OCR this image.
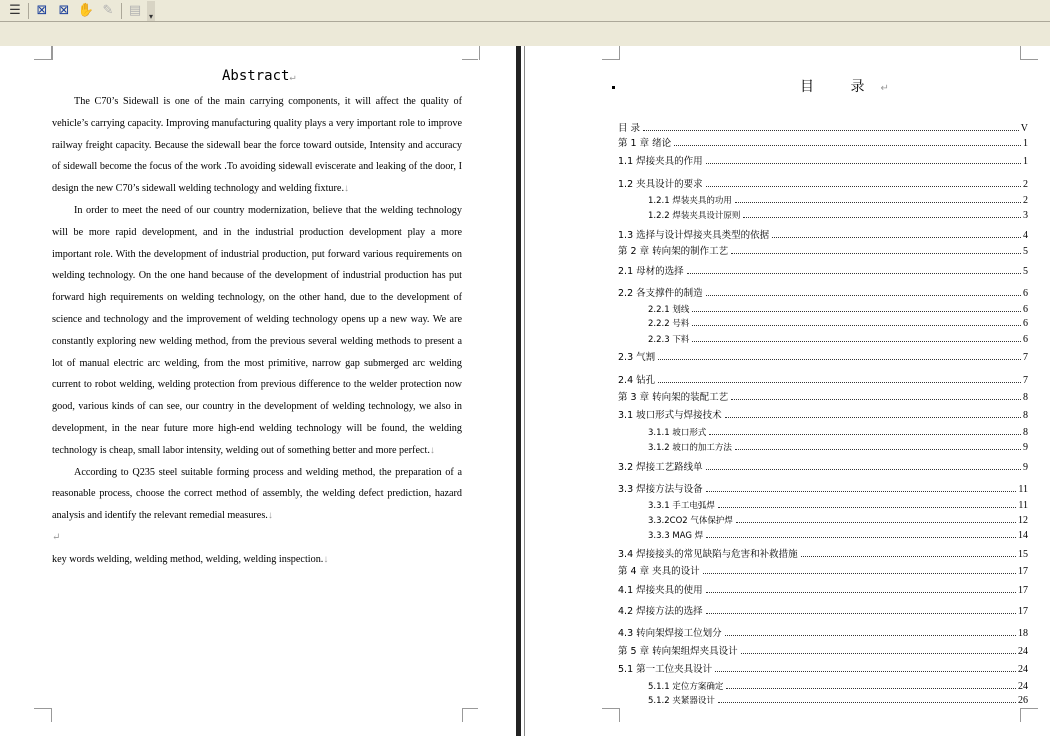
☰ ⊠ ⊠ ✋ ✎ ▤ ▾
Abstract↵

The C70’s Sidewall is one of the main carrying components, it will affect the quality of vehicle’s carrying capacity. Improving manufacturing quality plays a very important role to improve railway freight capacity. Because the sidewall bear the force toward outside, Intensity and accuracy of sidewall become the focus of the work .To avoiding sidewall eviscerate and leaking of the door, I design the new C70’s sidewall welding technology and welding fixture.↓

In order to meet the need of our country modernization, believe that the welding technology will be more rapid development, and in the industrial production development play a more important role. With the development of industrial production, put forward various requirements on welding technology. On the one hand because of the development of industrial production has put forward high requirements on welding technology, on the other hand, due to the development of science and technology and the improvement of welding technology opens up a new way. We are constantly exploring new welding method, from the previous several welding methods to present a lot of manual electric arc welding, from the most primitive, narrow gap submerged arc welding current to robot welding, welding protection from previous difference to the welder protection now good, various kinds of can see, our country in the development of welding technology, we also in development, in the near future more high-end welding technology will be found, the welding technology is cheap, small labor intensity, welding out of something better and more perfect.↓

According to Q235 steel suitable forming process and welding method, the preparation of a reasonable process, choose the correct method of assembly, the welding defect prediction, hazard analysis and identify the relevant remedial measures.↓

↵

key words welding, welding method, welding, welding inspection.↓

目 录↵
目 录	V
第 1 章 绪论	1
1.1 焊接夹具的作用	1
1.2 夹具设计的要求	2
1.2.1 焊装夹具的功用	2
1.2.2 焊装夹具设计原则	3
1.3 选择与设计焊接夹具类型的依据	4
第 2 章 转向架的制作工艺	5
2.1 母材的选择	5
2.2 各支撑件的制造	6
2.2.1 划线	6
2.2.2 号料	6
2.2.3 下料	6
2.3 气割	7
2.4 钻孔	7
第 3 章 转向架的装配工艺	8
3.1 坡口形式与焊接技术	8
3.1.1 坡口形式	8
3.1.2 坡口的加工方法	9
3.2 焊接工艺路线单	9
3.3 焊接方法与设备	11
3.3.1 手工电弧焊	11
3.3.2CO2 气体保护焊	12
3.3.3 MAG 焊	14
3.4 焊接接头的常见缺陷与危害和补救措施	15
第 4 章 夹具的设计	17
4.1 焊接夹具的使用	17
4.2 焊接方法的选择	17
4.3 转向架焊接工位划分	18
第 5 章 转向架组焊夹具设计	24
5.1 第一工位夹具设计	24
5.1.1 定位方案确定	24
5.1.2 夹紧器设计	26
